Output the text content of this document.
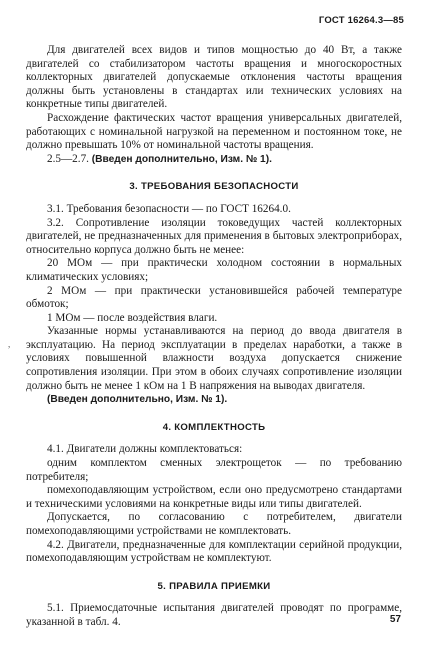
ГОСТ 16264.3—85
,

Для двигателей всех видов и типов мощностью до 40 Вт, а также двигателей со стабилизатором частоты вращения и многоскоростных коллекторных двигателей допускаемые отклонения частоты вращения должны быть установлены в стандартах или технических условиях на конкретные типы двигателей.

Расхождение фактических частот вращения универсальных двигателей, работающих с номинальной нагрузкой на переменном и постоянном токе, не должно превышать 10% от номинальной частоты вращения.

2.5—2.7. (Введен дополнительно, Изм. № 1).

3. ТРЕБОВАНИЯ БЕЗОПАСНОСТИ

3.1. Требования безопасности — по ГОСТ 16264.0.

3.2. Сопротивление изоляции токоведущих частей коллекторных двигателей, не предназначенных для применения в бытовых электроприборах, относительно корпуса должно быть не менее:

20 МОм — при практически холодном состоянии в нормальных климатических условиях;

2 МОм — при практически установившейся рабочей температуре обмоток;

1 МОм — после воздействия влаги.

Указанные нормы устанавливаются на период до ввода двигателя в эксплуатацию. На период эксплуатации в пределах наработки, а также в условиях повышенной влажности воздуха допускается снижение сопротивления изоляции. При этом в обоих случаях сопротивление изоляции должно быть не менее 1 кОм на 1 В напряжения на выводах двигателя.

(Введен дополнительно, Изм. № 1).

4. КОМПЛЕКТНОСТЬ

4.1. Двигатели должны комплектоваться:

одним комплектом сменных электрощеток — по требованию потребителя;

помехоподавляющим устройством, если оно предусмотрено стандартами и техническими условиями на конкретные виды или типы двигателей.

Допускается, по согласованию с потребителем, двигатели помехоподавляющими устройствами не комплектовать.

4.2. Двигатели, предназначенные для комплектации серийной продукции, помехоподавляющим устройствам не комплектуют.

5. ПРАВИЛА ПРИЕМКИ

5.1. Приемосдаточные испытания двигателей проводят по программе, указанной в табл. 4.	57
